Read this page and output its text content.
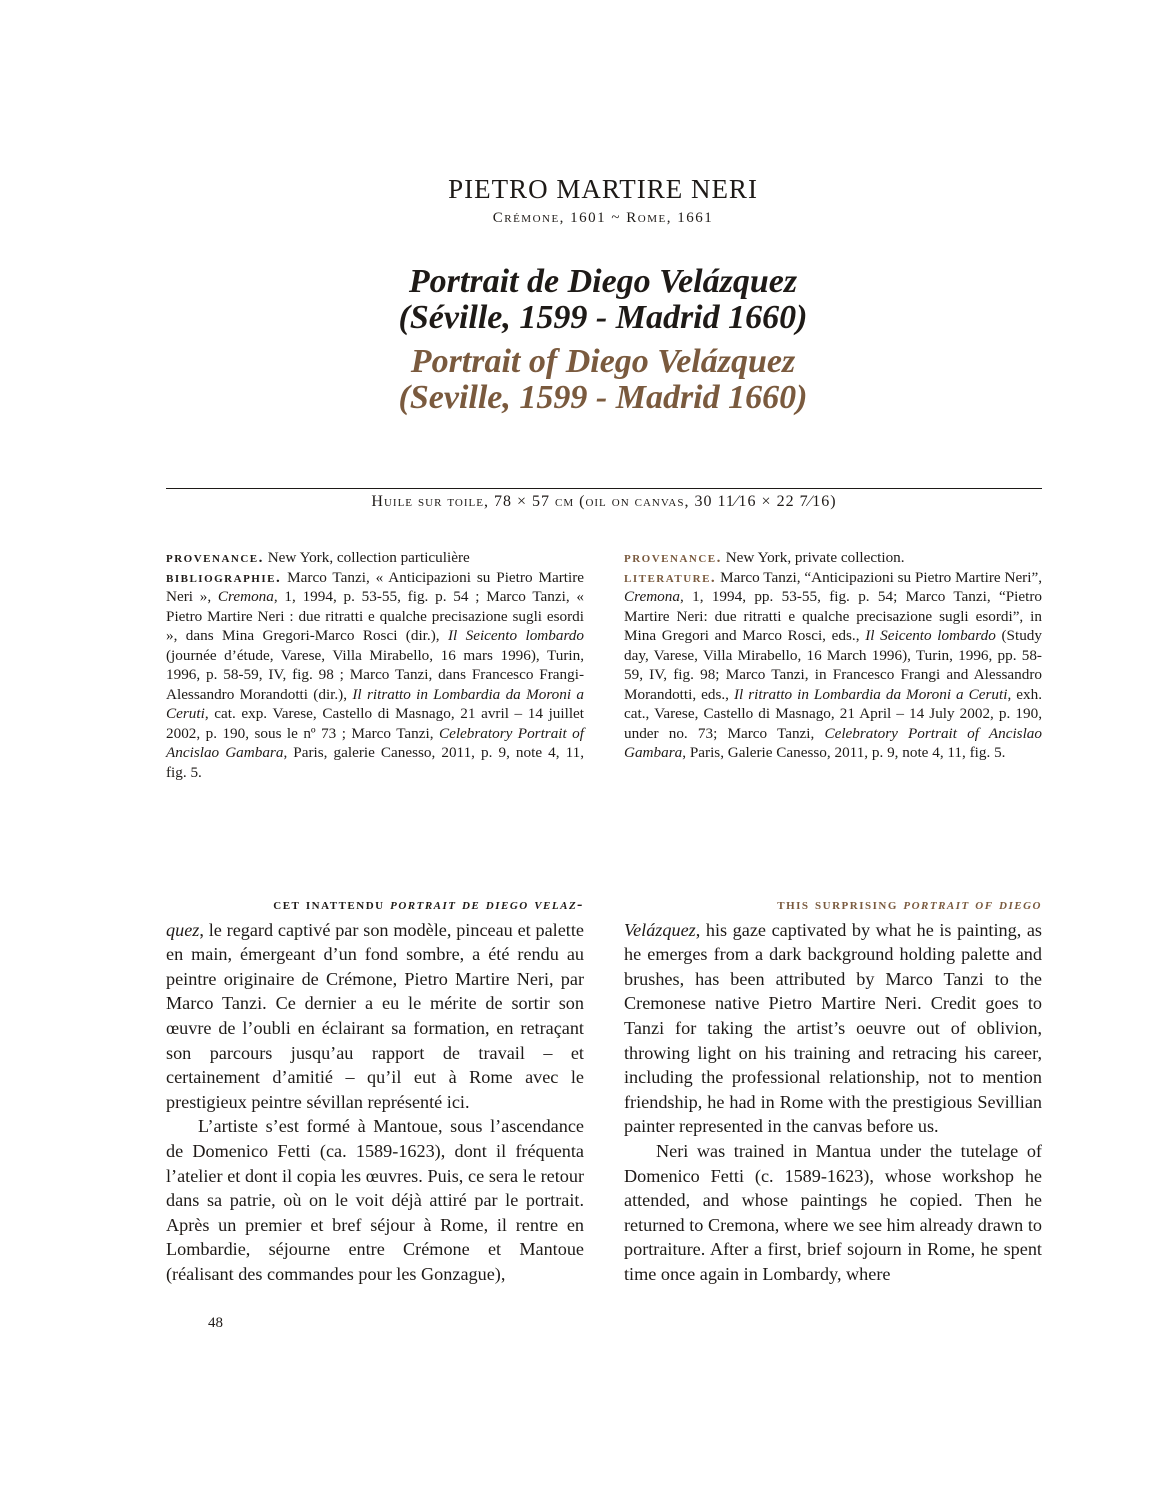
PIETRO MARTIRE NERI
Crémone, 1601 ~ Rome, 1661
Portrait de Diego Velázquez
(Séville, 1599 - Madrid 1660)
Portrait of Diego Velázquez
(Seville, 1599 - Madrid 1660)
Huile sur toile, 78 × 57 cm (oil on canvas, 30 11⁄16 × 22 7⁄16)

provenance. New York, collection particulière

bibliographie. Marco Tanzi, « Anticipazioni su Pietro Martire Neri », Cremona, 1, 1994, p. 53-55, fig. p. 54 ; Marco Tanzi, « Pietro Martire Neri : due ritratti e qualche precisazione sugli esordi », dans Mina Gregori-Marco Rosci (dir.), Il Seicento lombardo (journée d’étude, Varese, Villa Mirabello, 16 mars 1996), Turin, 1996, p. 58-59, IV, fig. 98 ; Marco Tanzi, dans Francesco Frangi-Alessandro Morandotti (dir.), Il ritratto in Lombardia da Moroni a Ceruti, cat. exp. Varese, Castello di Masnago, 21 avril – 14 juillet 2002, p. 190, sous le nº 73 ; Marco Tanzi, Celebratory Portrait of Ancislao Gambara, Paris, galerie Canesso, 2011, p. 9, note 4, 11, fig. 5.

provenance. New York, private collection.

literature. Marco Tanzi, “Anticipazioni su Pietro Martire Neri”, Cremona, 1, 1994, pp. 53-55, fig. p. 54; Marco Tanzi, “Pietro Martire Neri: due ritratti e qualche precisazione sugli esordi”, in Mina Gregori and Marco Rosci, eds., Il Seicento lombardo (Study day, Varese, Villa Mirabello, 16 March 1996), Turin, 1996, pp. 58-59, IV, fig. 98; Marco Tanzi, in Francesco Frangi and Alessandro Morandotti, eds., Il ritratto in Lombardia da Moroni a Ceruti, exh. cat., Varese, Castello di Masnago, 21 April – 14 July 2002, p. 190, under no. 73; Marco Tanzi, Celebratory Portrait of Ancislao Gambara, Paris, Galerie Canesso, 2011, p. 9, note 4, 11, fig. 5.

cet inattendu portrait de diego velaz-

quez, le regard captivé par son modèle, pinceau et palette en main, émergeant d’un fond sombre, a été rendu au peintre originaire de Crémone, Pietro Martire Neri, par Marco Tanzi. Ce dernier a eu le mérite de sortir son œuvre de l’oubli en éclairant sa formation, en retraçant son parcours jusqu’au rapport de travail – et certainement d’amitié – qu’il eut à Rome avec le prestigieux peintre sévillan représenté ici.

L’artiste s’est formé à Mantoue, sous l’ascendance de Domenico Fetti (ca. 1589-1623), dont il fréquenta l’atelier et dont il copia les œuvres. Puis, ce sera le retour dans sa patrie, où on le voit déjà attiré par le portrait. Après un premier et bref séjour à Rome, il rentre en Lombardie, séjourne entre Crémone et Mantoue (réalisant des commandes pour les Gonzague),

this surprising portrait of diego

Velázquez, his gaze captivated by what he is painting, as he emerges from a dark background holding palette and brushes, has been attributed by Marco Tanzi to the Cremonese native Pietro Martire Neri. Credit goes to Tanzi for taking the artist’s oeuvre out of oblivion, throwing light on his training and retracing his career, including the professional relationship, not to mention friendship, he had in Rome with the prestigious Sevillian painter represented in the canvas before us.

Neri was trained in Mantua under the tutelage of Domenico Fetti (c. 1589-1623), whose workshop he attended, and whose paintings he copied. Then he returned to Cremona, where we see him already drawn to portraiture. After a first, brief sojourn in Rome, he spent time once again in Lombardy, where

48
